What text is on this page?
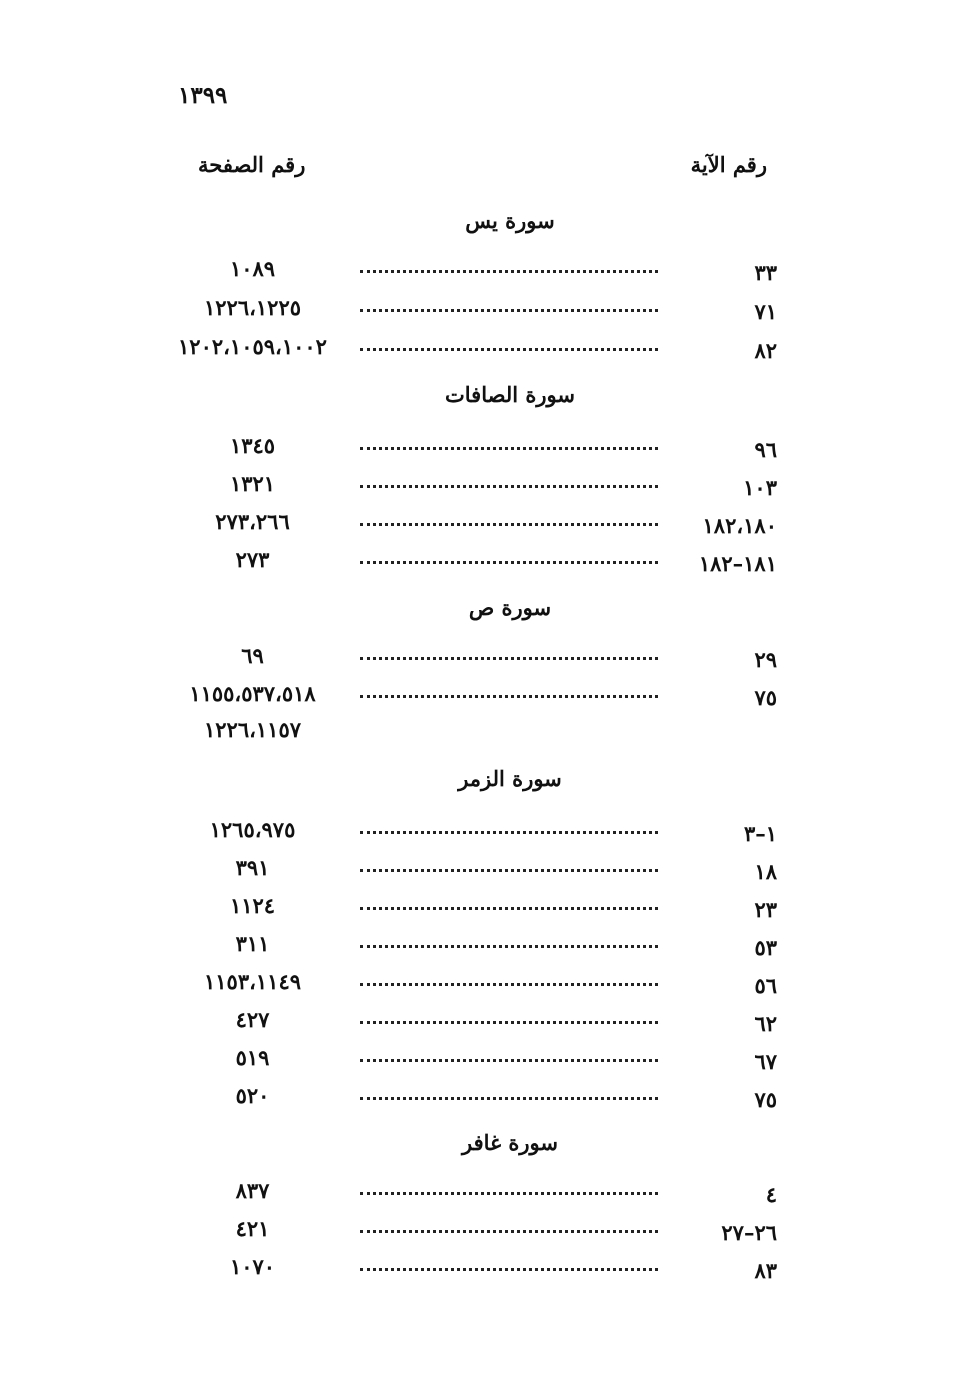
١٣٩٩
رقم الآية
رقم الصفحة
سورة يس
٣٣
١٠٨٩
٧١
١٢٢٦،١٢٢٥
٨٢
١٢٠٢،١٠٥٩،١٠٠٢
سورة الصافات
٩٦
١٣٤٥
١٠٣
١٣٢١
١٨٢،١٨٠
٢٧٣،٢٦٦
١٨١–١٨٢
٢٧٣
سورة ص
٢٩
٦٩
٧٥
١١٥٥،٥٣٧،٥١٨
١٢٢٦،١١٥٧
سورة الزمر
١–٣
١٢٦٥،٩٧٥
١٨
٣٩١
٢٣
١١٢٤
٥٣
٣١١
٥٦
١١٥٣،١١٤٩
٦٢
٤٢٧
٦٧
٥١٩
٧٥
٥٢٠
سورة غافر
٤
٨٣٧
٢٦–٢٧
٤٢١
٨٣
١٠٧٠
